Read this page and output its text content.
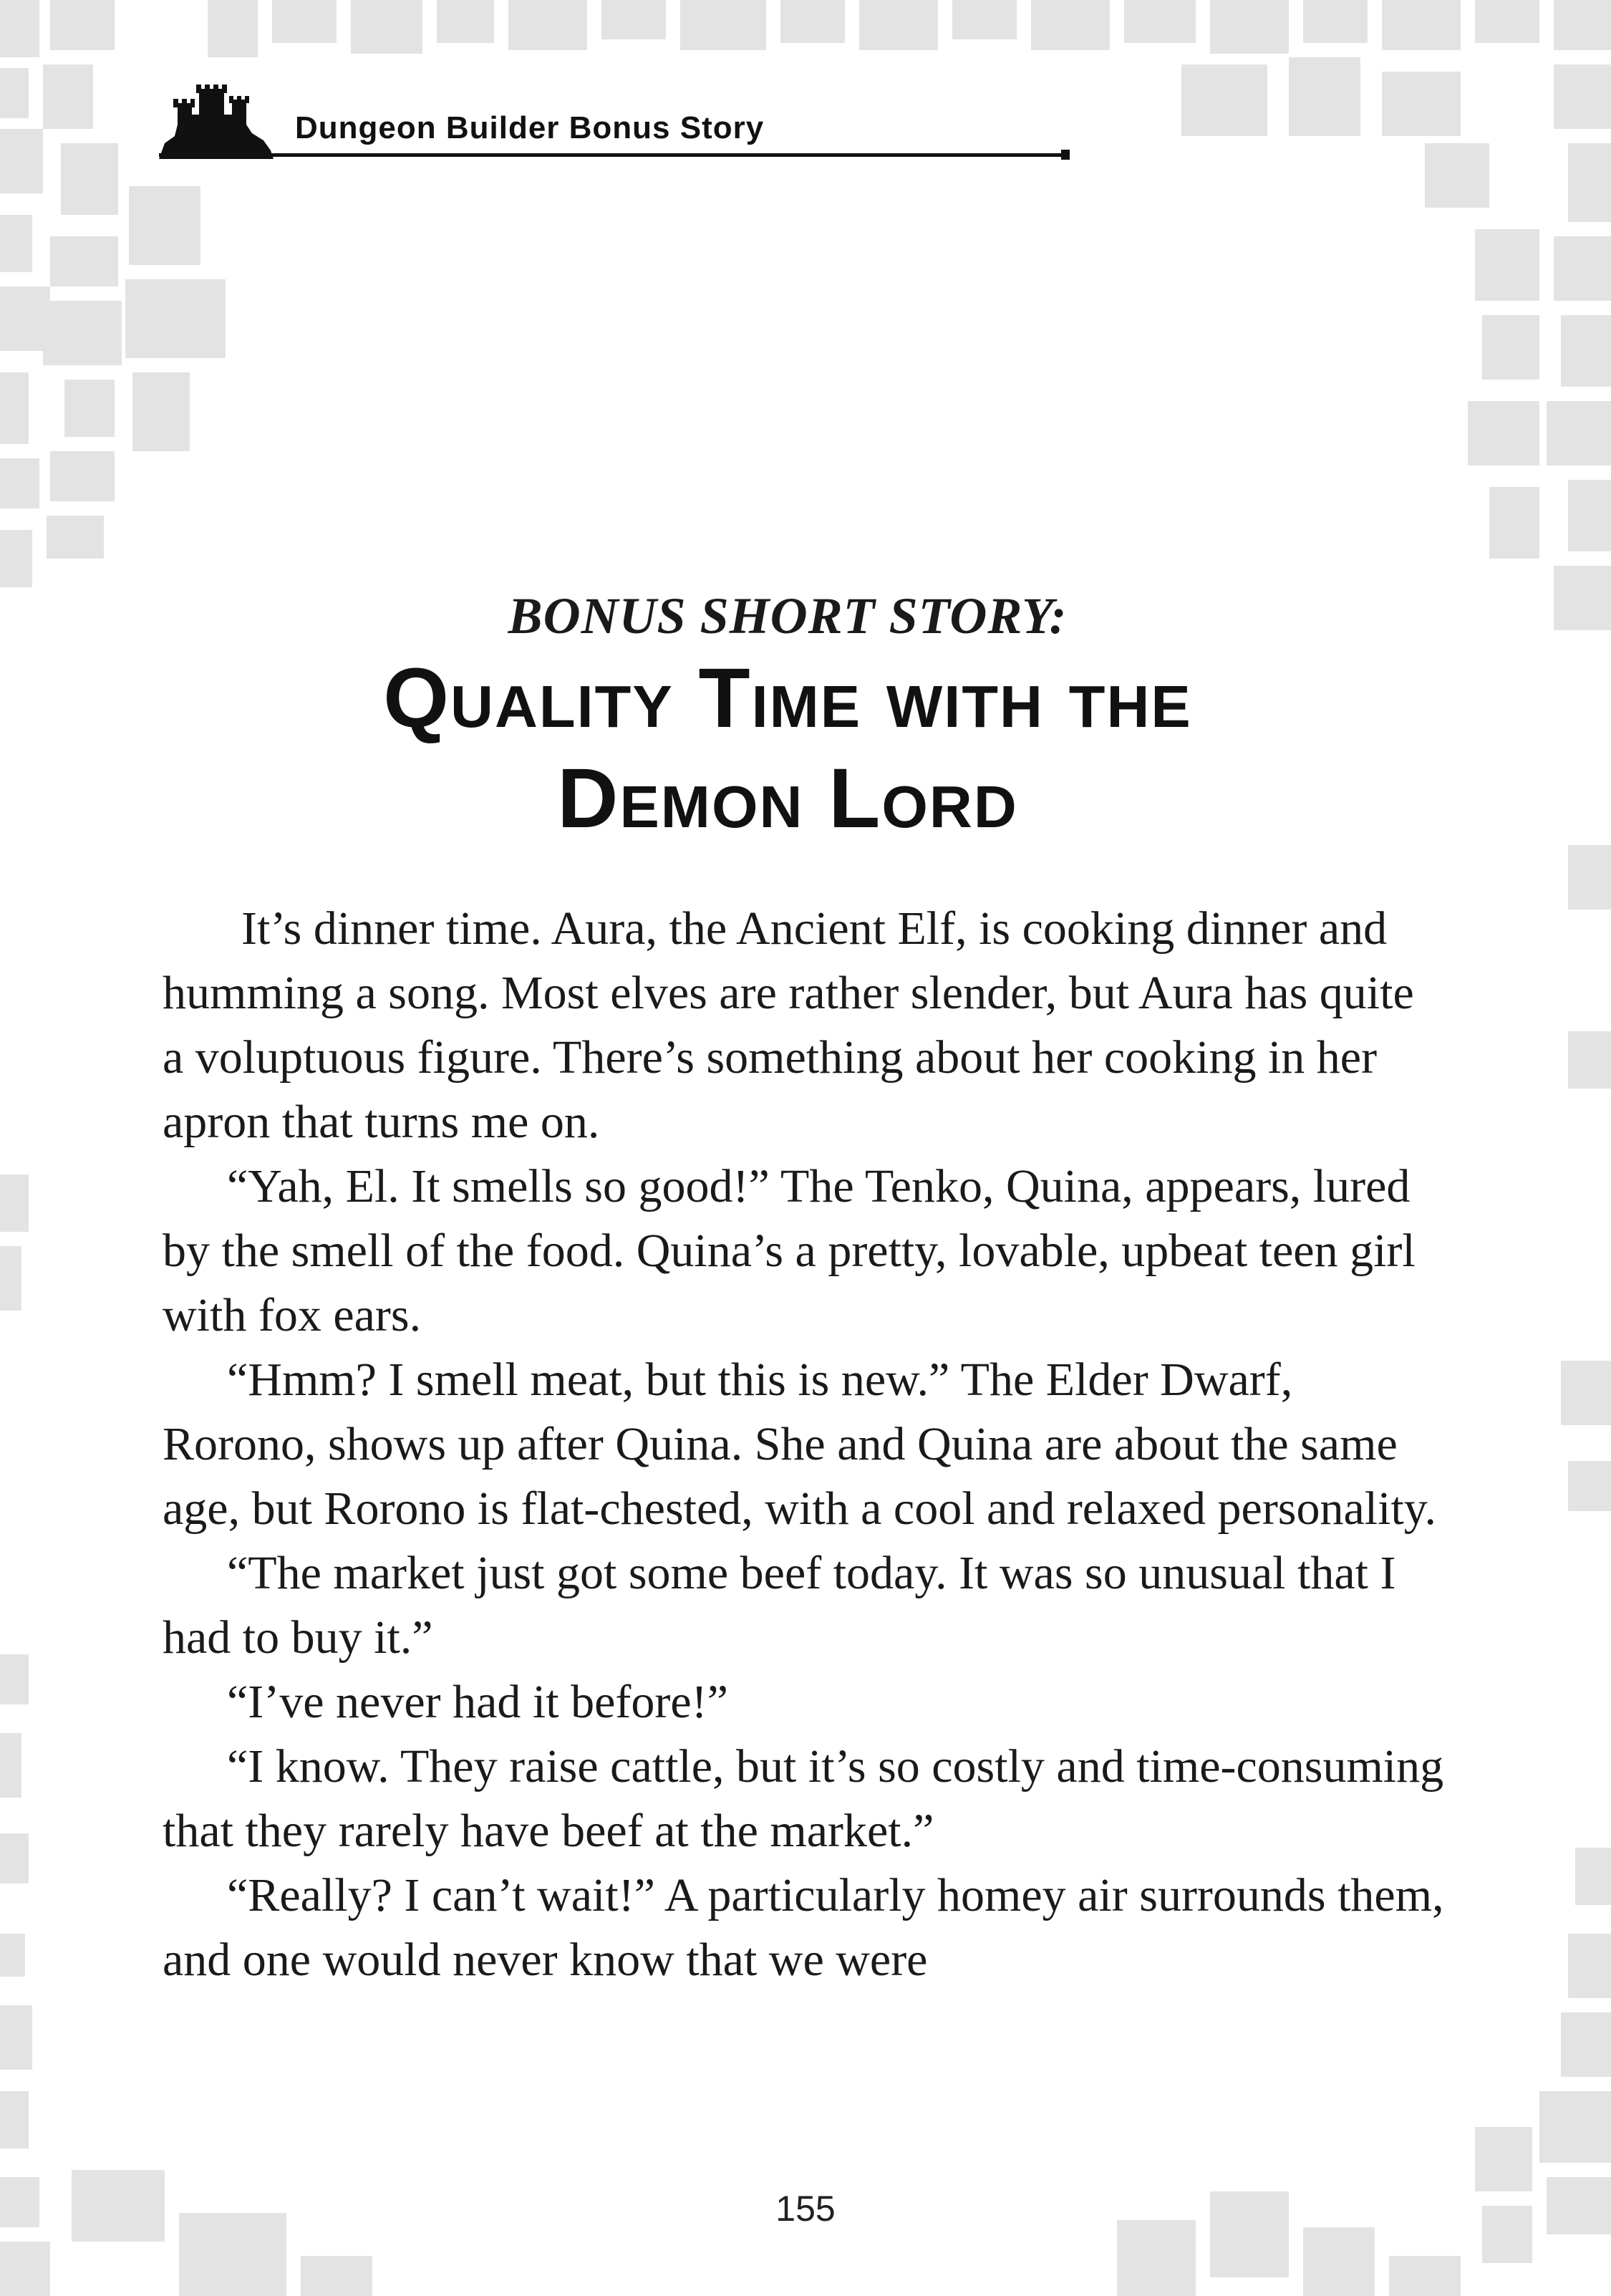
Dungeon Builder Bonus Story
BONUS SHORT STORY:
Quality Time with the
Demon Lord

It’s dinner time. Aura, the Ancient Elf, is cooking dinner and humming a song. Most elves are rather slender, but Aura has quite a voluptuous figure. There’s something about her cooking in her apron that turns me on.

“Yah, El. It smells so good!” The Tenko, Quina, appears, lured by the smell of the food. Quina’s a pretty, lovable, upbeat teen girl with fox ears.

“Hmm? I smell meat, but this is new.” The Elder Dwarf, Rorono, shows up after Quina. She and Quina are about the same age, but Rorono is flat-chested, with a cool and relaxed personality.

“The market just got some beef today. It was so unusual that I had to buy it.”

“I’ve never had it before!”

“I know. They raise cattle, but it’s so costly and time-consuming that they rarely have beef at the market.”

“Really? I can’t wait!” A particularly homey air surrounds them, and one would never know that we were

155
